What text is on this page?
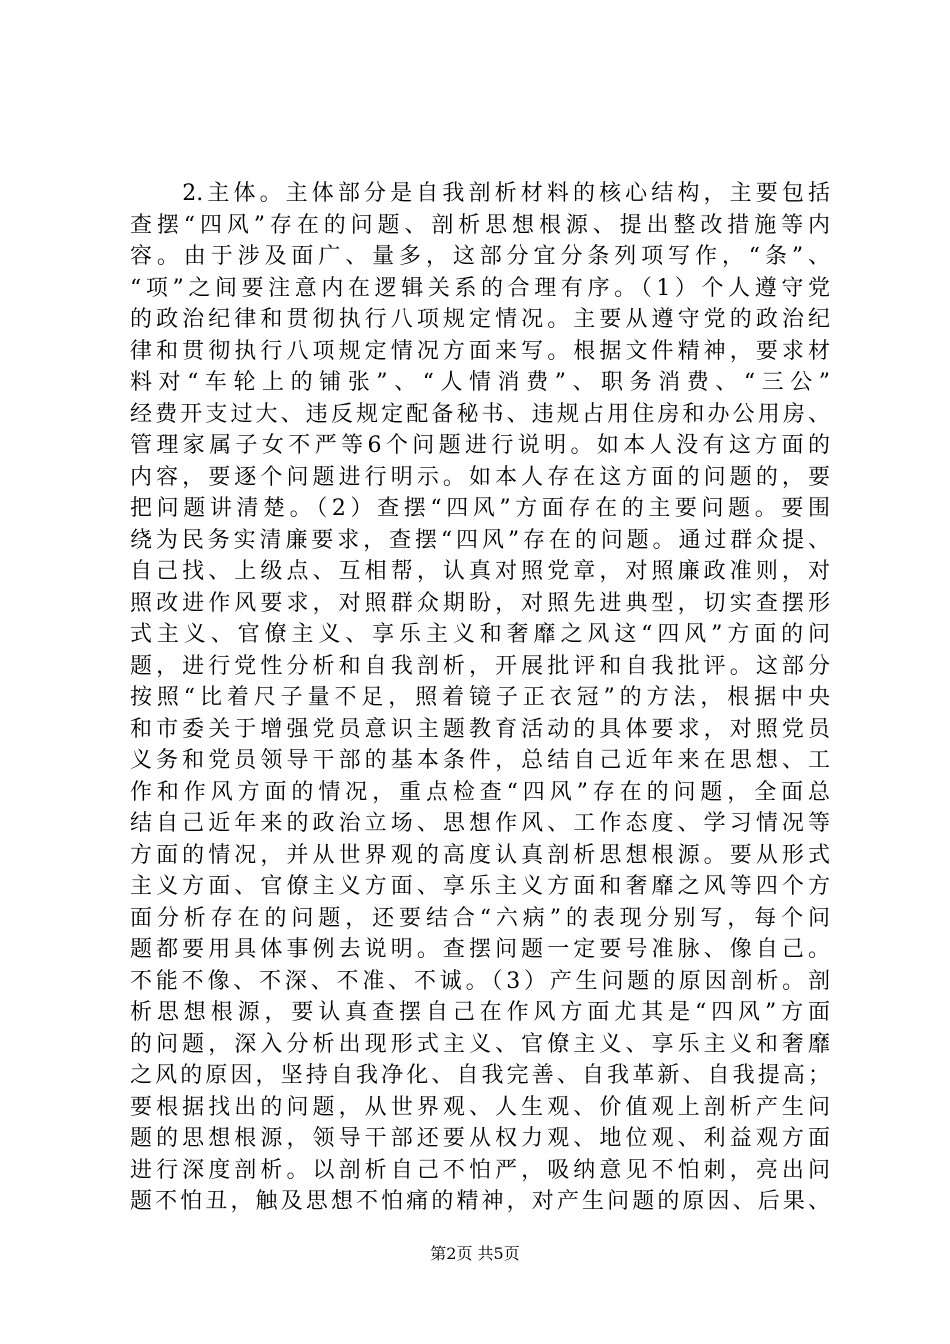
　　2.主体。主体部分是自我剖析材料的核心结构，主要包括
查摆“四风”存在的问题、剖析思想根源、提出整改措施等内
容。由于涉及面广、量多，这部分宜分条列项写作，“条”、
“项”之间要注意内在逻辑关系的合理有序。（1）个人遵守党
的政治纪律和贯彻执行八项规定情况。主要从遵守党的政治纪
律和贯彻执行八项规定情况方面来写。根据文件精神，要求材
料对“车轮上的铺张”、“人情消费”、职务消费、“三公”
经费开支过大、违反规定配备秘书、违规占用住房和办公用房、
管理家属子女不严等6个问题进行说明。如本人没有这方面的
内容，要逐个问题进行明示。如本人存在这方面的问题的，要
把问题讲清楚。（2）查摆“四风”方面存在的主要问题。要围
绕为民务实清廉要求，查摆“四风”存在的问题。通过群众提、
自己找、上级点、互相帮，认真对照党章，对照廉政准则，对
照改进作风要求，对照群众期盼，对照先进典型，切实查摆形
式主义、官僚主义、享乐主义和奢靡之风这“四风”方面的问
题，进行党性分析和自我剖析，开展批评和自我批评。这部分
按照“比着尺子量不足，照着镜子正衣冠”的方法，根据中央
和市委关于增强党员意识主题教育活动的具体要求，对照党员
义务和党员领导干部的基本条件，总结自己近年来在思想、工
作和作风方面的情况，重点检查“四风”存在的问题，全面总
结自己近年来的政治立场、思想作风、工作态度、学习情况等
方面的情况，并从世界观的高度认真剖析思想根源。要从形式
主义方面、官僚主义方面、享乐主义方面和奢靡之风等四个方
面分析存在的问题，还要结合“六病”的表现分别写，每个问
题都要用具体事例去说明。查摆问题一定要号准脉、像自己。
不能不像、不深、不准、不诚。（3）产生问题的原因剖析。剖
析思想根源，要认真查摆自己在作风方面尤其是“四风”方面
的问题，深入分析出现形式主义、官僚主义、享乐主义和奢靡
之风的原因，坚持自我净化、自我完善、自我革新、自我提高；
要根据找出的问题，从世界观、人生观、价值观上剖析产生问
题的思想根源，领导干部还要从权力观、地位观、利益观方面
进行深度剖析。以剖析自己不怕严，吸纳意见不怕刺，亮出问
题不怕丑，触及思想不怕痛的精神，对产生问题的原因、后果、
第2页 共5页
